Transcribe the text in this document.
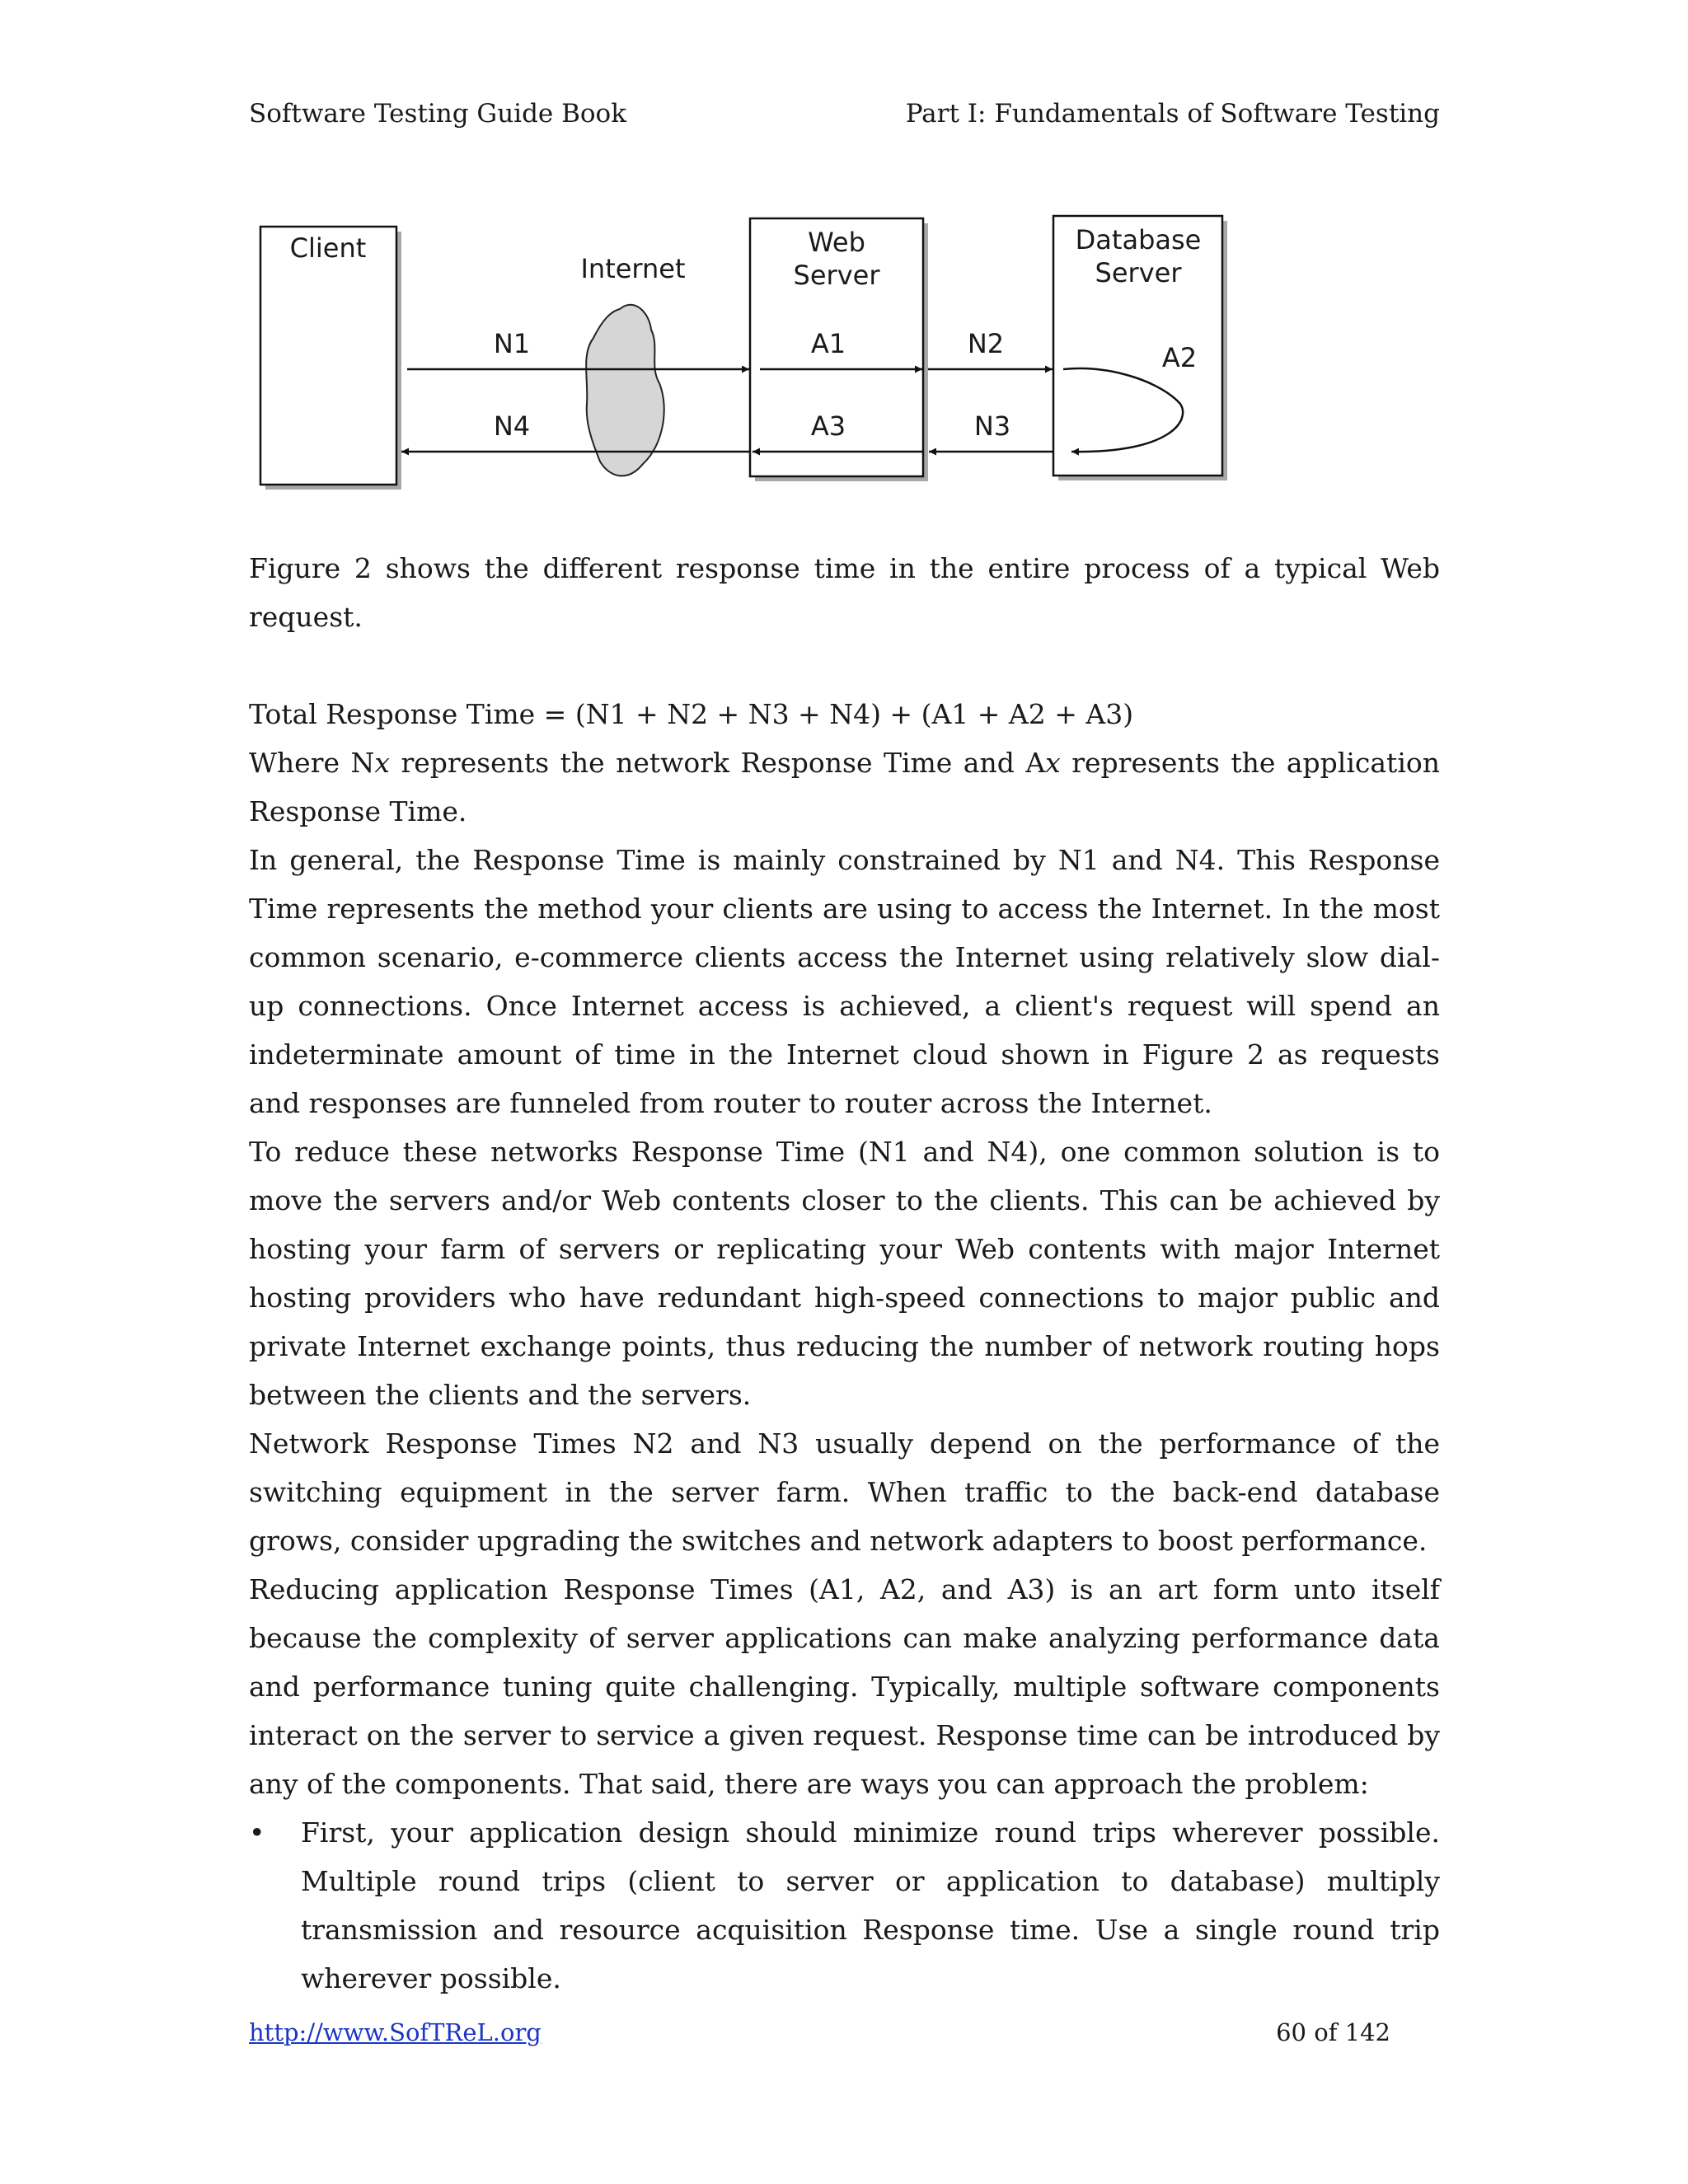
Software Testing Guide Book	Part I: Fundamentals of Software Testing
Client
Internet
Web
Server
Database
Server
N1
N4
A1
A3
N2
N3
A2

Figure 2 shows the different response time in the entire process of a typical Web request.

Total Response Time = (N1 + N2 + N3 + N4) + (A1 + A2 + A3)

Where Nx represents the network Response Time and Ax represents the application Response Time.

In general, the Response Time is mainly constrained by N1 and N4. This Response Time represents the method your clients are using to access the Internet. In the most common scenario, e-commerce clients access the Internet using relatively slow dial-up connections. Once Internet access is achieved, a client's request will spend an indeterminate amount of time in the Internet cloud shown in Figure 2 as requests and responses are funneled from router to router across the Internet.

To reduce these networks Response Time (N1 and N4), one common solution is to move the servers and/or Web contents closer to the clients. This can be achieved by hosting your farm of servers or replicating your Web contents with major Internet hosting providers who have redundant high-speed connections to major public and private Internet exchange points, thus reducing the number of network routing hops between the clients and the servers.

Network Response Times N2 and N3 usually depend on the performance of the switching equipment in the server farm. When traffic to the back-end database grows, consider upgrading the switches and network adapters to boost performance.

Reducing application Response Times (A1, A2, and A3) is an art form unto itself because the complexity of server applications can make analyzing performance data and performance tuning quite challenging. Typically, multiple software components interact on the server to service a given request. Response time can be introduced by any of the components. That said, there are ways you can approach the problem:

• First, your application design should minimize round trips wherever possible. Multiple round trips (client to server or application to database) multiply transmission and resource acquisition Response time. Use a single round trip wherever possible.
http://www.SofTReL.org	60 of 142
